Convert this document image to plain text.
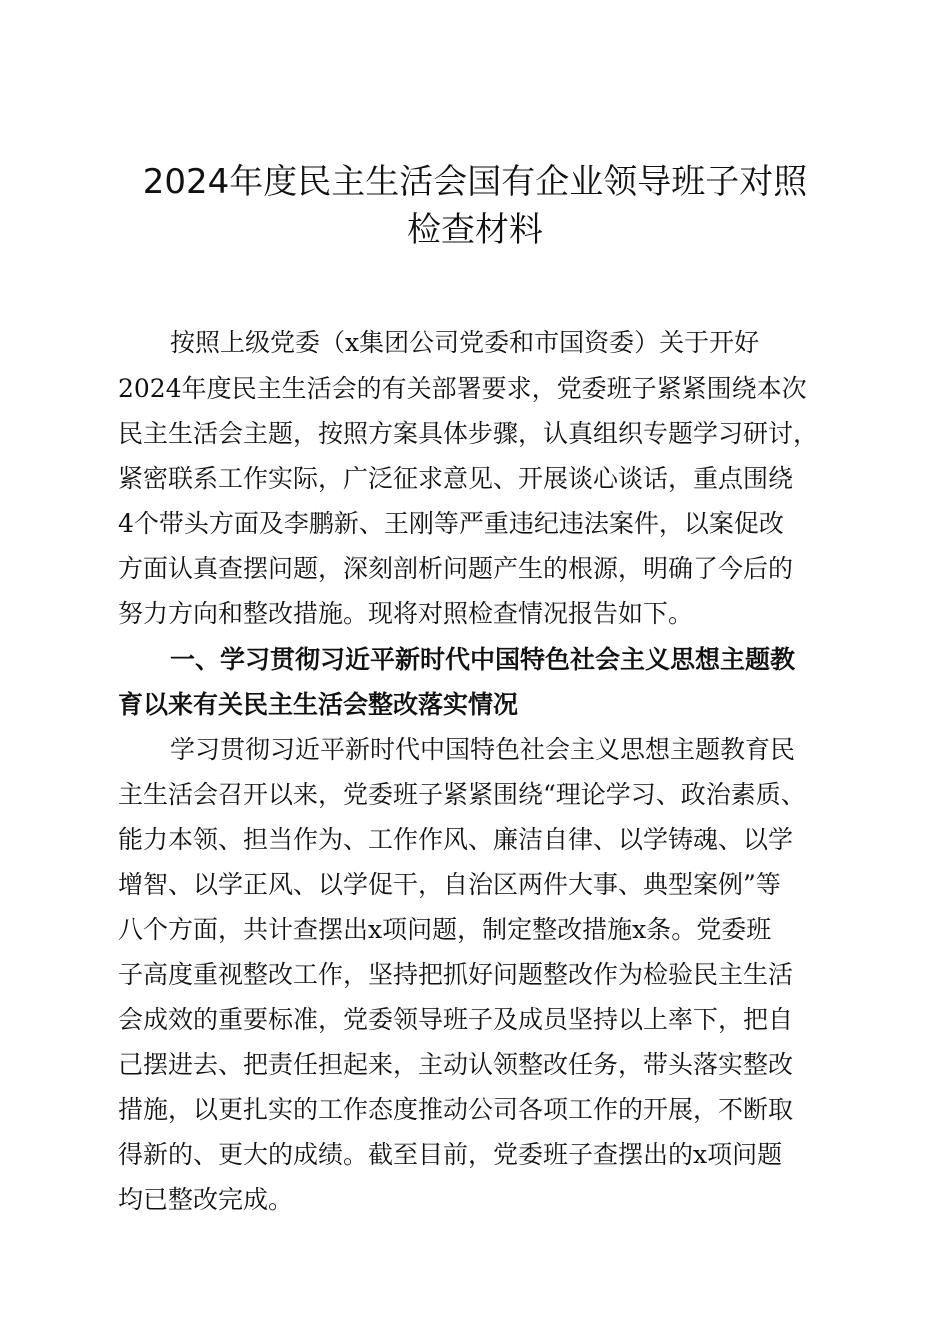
2024年度民主生活会国有企业领导班子对照
检查材料

按照上级党委（x集团公司党委和市国资委）关于开好

2024年度民主生活会的有关部署要求，党委班子紧紧围绕本次

民主生活会主题，按照方案具体步骤，认真组织专题学习研讨，

紧密联系工作实际，广泛征求意见、开展谈心谈话，重点围绕

4个带头方面及李鹏新、王刚等严重违纪违法案件，以案促改

方面认真查摆问题，深刻剖析问题产生的根源，明确了今后的

努力方向和整改措施。现将对照检查情况报告如下。

一、学习贯彻习近平新时代中国特色社会主义思想主题教

育以来有关民主生活会整改落实情况

学习贯彻习近平新时代中国特色社会主义思想主题教育民

主生活会召开以来，党委班子紧紧围绕“理论学习、政治素质、

能力本领、担当作为、工作作风、廉洁自律、以学铸魂、以学

增智、以学正风、以学促干，自治区两件大事、典型案例”等

八个方面，共计查摆出x项问题，制定整改措施x条。党委班

子高度重视整改工作，坚持把抓好问题整改作为检验民主生活

会成效的重要标准，党委领导班子及成员坚持以上率下，把自

己摆进去、把责任担起来，主动认领整改任务，带头落实整改

措施，以更扎实的工作态度推动公司各项工作的开展，不断取

得新的、更大的成绩。截至目前，党委班子查摆出的x项问题

均已整改完成。
